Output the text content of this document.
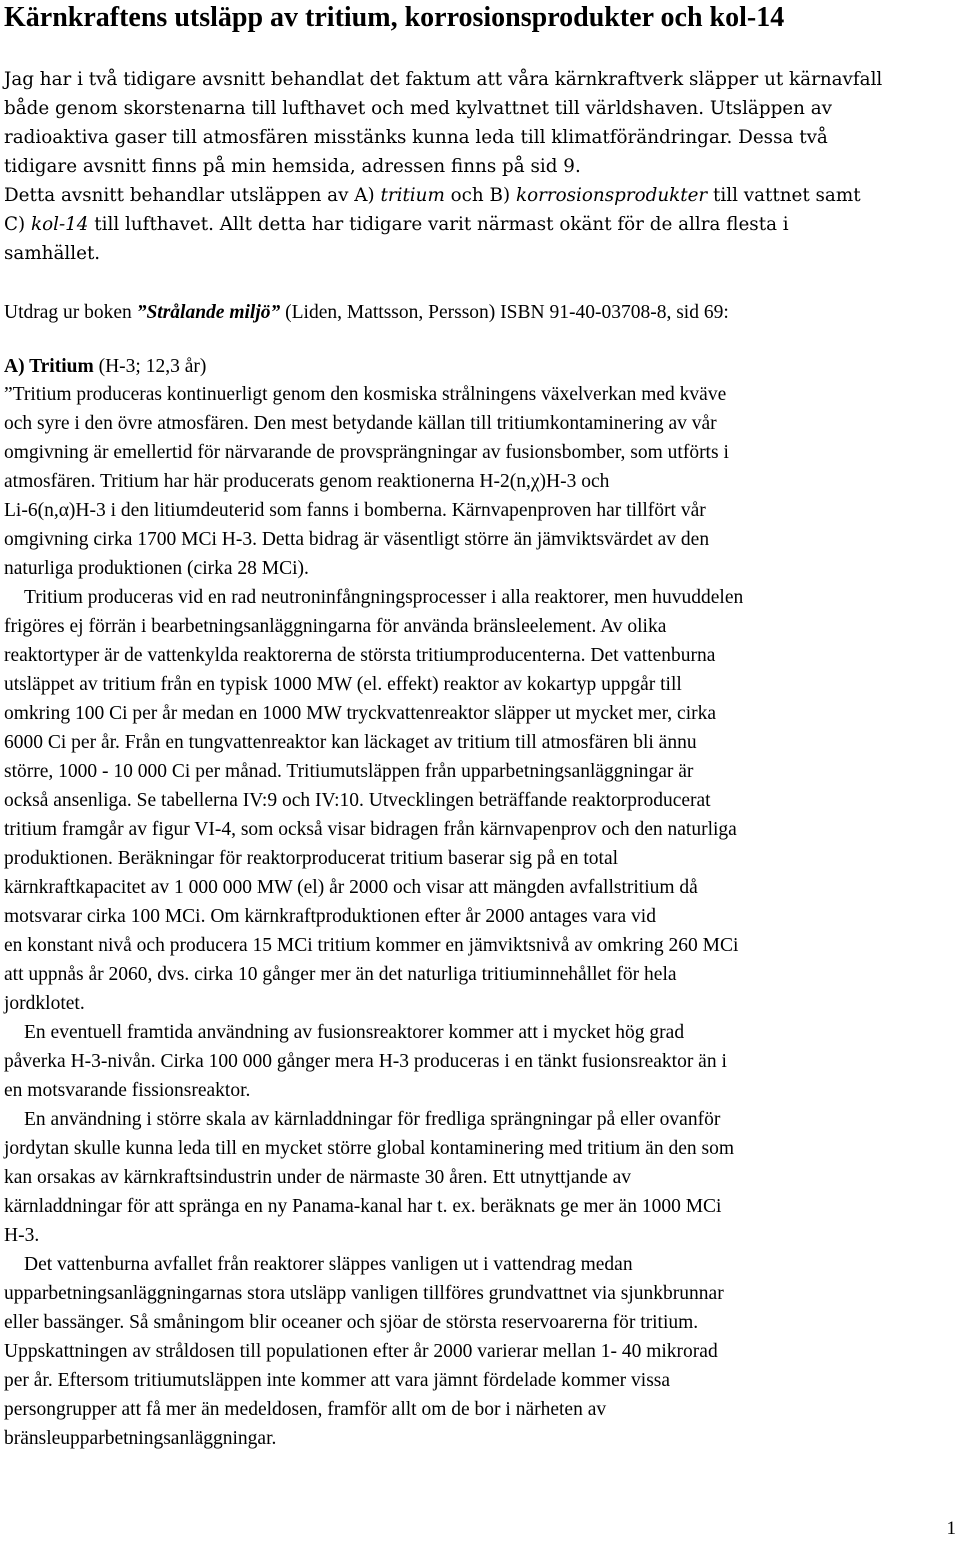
Kärnkraftens utsläpp av tritium, korrosionsprodukter och kol-14
Jag har i två tidigare avsnitt behandlat det faktum att våra kärnkraftverk släpper ut kärnavfall
både genom skorstenarna till lufthavet och med kylvattnet till världshaven. Utsläppen av
radioaktiva gaser till atmosfären misstänks kunna leda till klimatförändringar. Dessa två
tidigare avsnitt finns på min hemsida, adressen finns på sid 9.
Detta avsnitt behandlar utsläppen av A) tritium och B) korrosionsprodukter till vattnet samt
C) kol-14 till lufthavet. Allt detta har tidigare varit närmast okänt för de allra flesta i
samhället.
Utdrag ur boken ”Strålande miljö” (Liden, Mattsson, Persson) ISBN 91-40-03708-8, sid 69:
A) Tritium (H-3; 12,3 år)
”Tritium produceras kontinuerligt genom den kosmiska strålningens växelverkan med kväve
och syre i den övre atmosfären. Den mest betydande källan till tritiumkontaminering av vår
omgivning är emellertid för närvarande de provsprängningar av fusionsbomber, som utförts i
atmosfären. Tritium har här producerats genom reaktionerna H-2(n,χ)H-3 och
Li-6(n,α)H-3 i den litiumdeuterid som fanns i bomberna. Kärnvapenproven har tillfört vår
omgivning cirka 1700 MCi H-3. Detta bidrag är väsentligt större än jämviktsvärdet av den
naturliga produktionen (cirka 28 MCi).
Tritium produceras vid en rad neutroninfångningsprocesser i alla reaktorer, men huvuddelen
frigöres ej förrän i bearbetningsanläggningarna för använda bränsleelement. Av olika
reaktortyper är de vattenkylda reaktorerna de största tritiumproducenterna. Det vattenburna
utsläppet av tritium från en typisk 1000 MW (el. effekt) reaktor av kokartyp uppgår till
omkring 100 Ci per år medan en 1000 MW tryckvattenreaktor släpper ut mycket mer, cirka
6000 Ci per år. Från en tungvattenreaktor kan läckaget av tritium till atmosfären bli ännu
större, 1000 - 10 000 Ci per månad. Tritiumutsläppen från upparbetningsanläggningar är
också ansenliga. Se tabellerna IV:9 och IV:10. Utvecklingen beträffande reaktorproducerat
tritium framgår av figur VI-4, som också visar bidragen från kärnvapenprov och den naturliga
produktionen. Beräkningar för reaktorproducerat tritium baserar sig på en total
kärnkraftkapacitet av 1 000 000 MW (el) år 2000 och visar att mängden avfallstritium då
motsvarar cirka 100 MCi. Om kärnkraftproduktionen efter år 2000 antages vara vid
en konstant nivå och producera 15 MCi tritium kommer en jämviktsnivå av omkring 260 MCi
att uppnås år 2060, dvs. cirka 10 gånger mer än det naturliga tritiuminnehållet för hela
jordklotet.
En eventuell framtida användning av fusionsreaktorer kommer att i mycket hög grad
påverka H-3-nivån. Cirka 100 000 gånger mera H-3 produceras i en tänkt fusionsreaktor än i
en motsvarande fissionsreaktor.
En användning i större skala av kärnladdningar för fredliga sprängningar på eller ovanför
jordytan skulle kunna leda till en mycket större global kontaminering med tritium än den som
kan orsakas av kärnkraftsindustrin under de närmaste 30 åren. Ett utnyttjande av
kärnladdningar för att spränga en ny Panama-kanal har t. ex. beräknats ge mer än 1000 MCi
H-3.
Det vattenburna avfallet från reaktorer släppes vanligen ut i vattendrag medan
upparbetningsanläggningarnas stora utsläpp vanligen tillföres grundvattnet via sjunkbrunnar
eller bassänger. Så småningom blir oceaner och sjöar de största reservoarerna för tritium.
Uppskattningen av stråldosen till populationen efter år 2000 varierar mellan 1- 40 mikrorad
per år. Eftersom tritiumutsläppen inte kommer att vara jämnt fördelade kommer vissa
persongrupper att få mer än medeldosen, framför allt om de bor i närheten av
bränsleupparbetningsanläggningar.
1
